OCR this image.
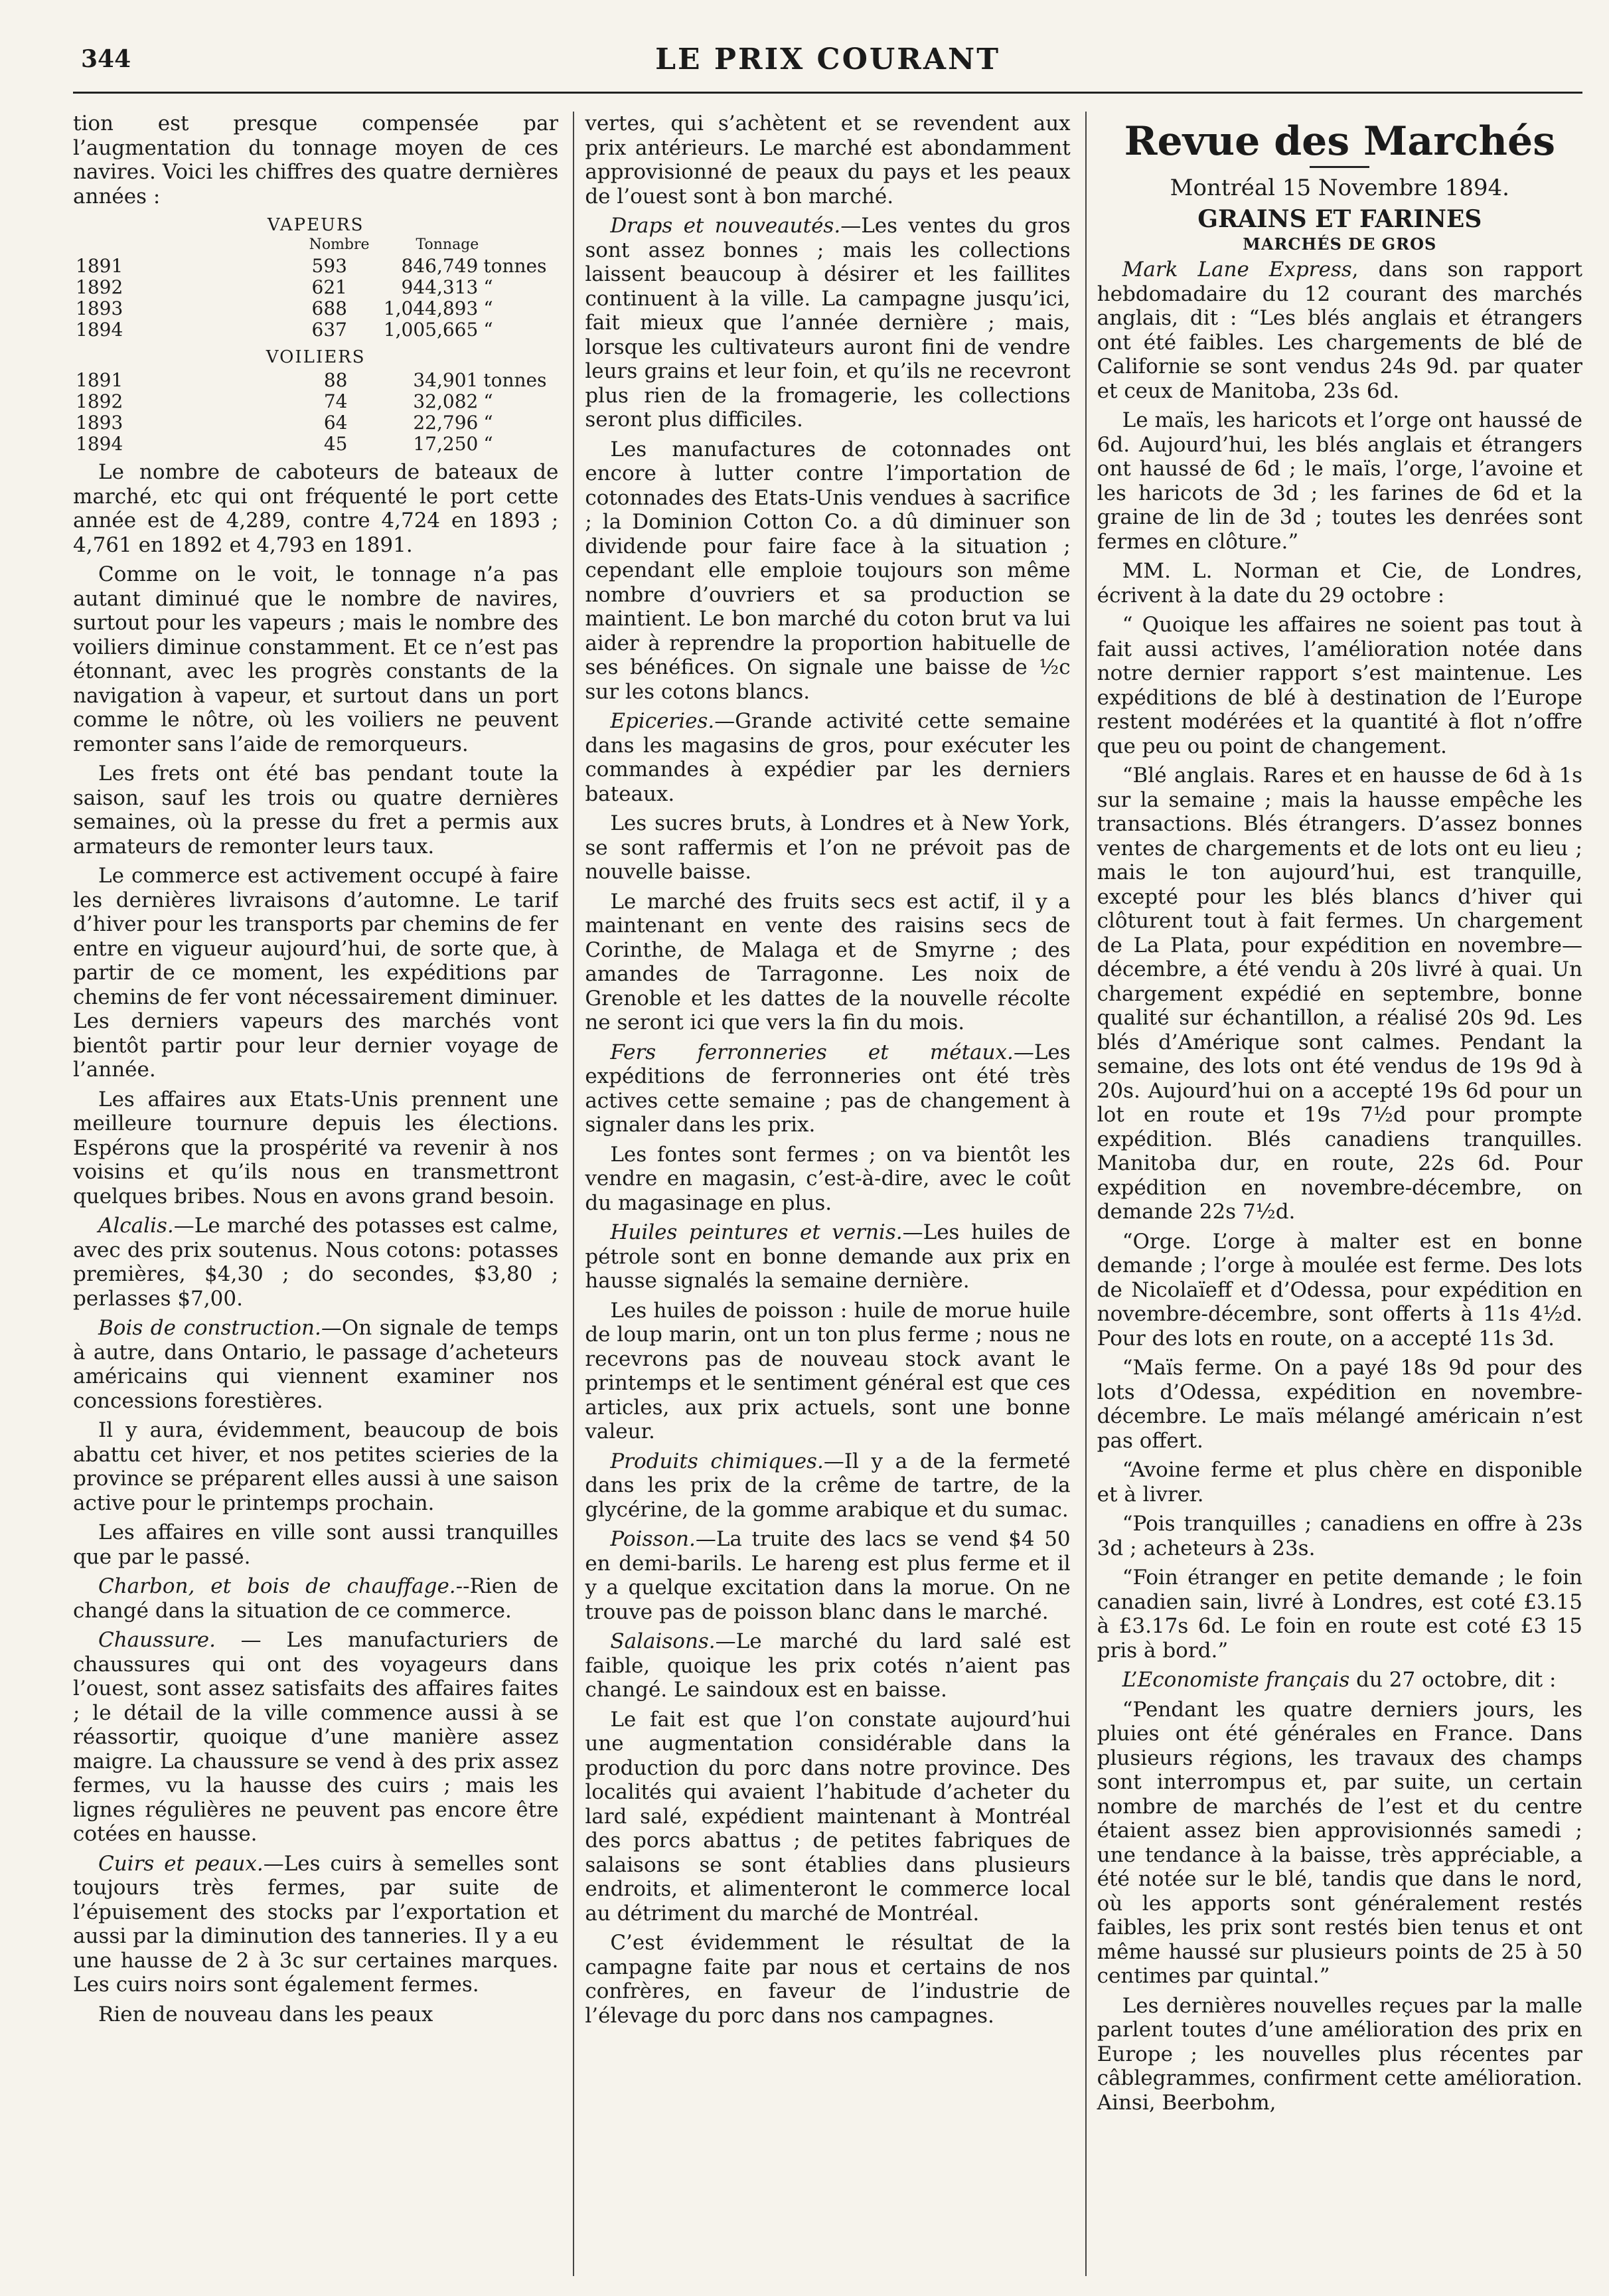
344	LE PRIX COURANT

tion est presque compensée par l’augmentation du tonnage moyen de ces navires. Voici les chiffres des quatre dernières années :

VAPEURS
Nombre	Tonnage
1891	593	846,749	tonnes
1892	621	944,313	“
1893	688	1,044,893	“
1894	637	1,005,665	“
VOILIERS
1891	88	34,901	tonnes
1892	74	32,082	“
1893	64	22,796	“
1894	45	17,250	“

Le nombre de caboteurs de bateaux de marché, etc qui ont fréquenté le port cette année est de 4,289, contre 4,724 en 1893 ; 4,761 en 1892 et 4,793 en 1891.

Comme on le voit, le tonnage n’a pas autant diminué que le nombre de navires, surtout pour les vapeurs ; mais le nombre des voiliers diminue constamment. Et ce n’est pas étonnant, avec les progrès constants de la navigation à vapeur, et surtout dans un port comme le nôtre, où les voiliers ne peuvent remonter sans l’aide de remorqueurs.

Les frets ont été bas pendant toute la saison, sauf les trois ou quatre dernières semaines, où la presse du fret a permis aux armateurs de remonter leurs taux.

Le commerce est activement occupé à faire les dernières livraisons d’automne. Le tarif d’hiver pour les transports par chemins de fer entre en vigueur aujourd’hui, de sorte que, à partir de ce moment, les expéditions par chemins de fer vont nécessairement diminuer. Les derniers vapeurs des marchés vont bientôt partir pour leur dernier voyage de l’année.

Les affaires aux Etats-Unis prennent une meilleure tournure depuis les élections. Espérons que la prospérité va revenir à nos voisins et qu’ils nous en transmettront quelques bribes. Nous en avons grand besoin.

Alcalis.—Le marché des potasses est calme, avec des prix soutenus. Nous cotons: potasses premières, $4,30 ; do secondes, $3,80 ; perlasses $7,00.

Bois de construction.—On signale de temps à autre, dans Ontario, le passage d’acheteurs américains qui viennent examiner nos concessions forestières.

Il y aura, évidemment, beaucoup de bois abattu cet hiver, et nos petites scieries de la province se préparent elles aussi à une saison active pour le printemps prochain.

Les affaires en ville sont aussi tranquilles que par le passé.

Charbon, et bois de chauffage.--Rien de changé dans la situation de ce commerce.

Chaussure. — Les manufacturiers de chaussures qui ont des voyageurs dans l’ouest, sont assez satisfaits des affaires faites ; le détail de la ville commence aussi à se réassortir, quoique d’une manière assez maigre. La chaussure se vend à des prix assez fermes, vu la hausse des cuirs ; mais les lignes régulières ne peuvent pas encore être cotées en hausse.

Cuirs et peaux.—Les cuirs à semelles sont toujours très fermes, par suite de l’épuisement des stocks par l’exportation et aussi par la diminution des tanneries. Il y a eu une hausse de 2 à 3c sur certaines marques. Les cuirs noirs sont également fermes.

Rien de nouveau dans les peaux

vertes, qui s’achètent et se revendent aux prix antérieurs. Le marché est abondamment approvisionné de peaux du pays et les peaux de l’ouest sont à bon marché.

Draps et nouveautés.—Les ventes du gros sont assez bonnes ; mais les collections laissent beaucoup à désirer et les faillites continuent à la ville. La campagne jusqu’ici, fait mieux que l’année dernière ; mais, lorsque les cultivateurs auront fini de vendre leurs grains et leur foin, et qu’ils ne recevront plus rien de la fromagerie, les collections seront plus difficiles.

Les manufactures de cotonnades ont encore à lutter contre l’importation de cotonnades des Etats-Unis vendues à sacrifice ; la Dominion Cotton Co. a dû diminuer son dividende pour faire face à la situation ; cependant elle emploie toujours son même nombre d’ouvriers et sa production se maintient. Le bon marché du coton brut va lui aider à reprendre la proportion habituelle de ses bénéfices. On signale une baisse de ½c sur les cotons blancs.

Epiceries.—Grande activité cette semaine dans les magasins de gros, pour exécuter les commandes à expédier par les derniers bateaux.

Les sucres bruts, à Londres et à New York, se sont raffermis et l’on ne prévoit pas de nouvelle baisse.

Le marché des fruits secs est actif, il y a maintenant en vente des raisins secs de Corinthe, de Malaga et de Smyrne ; des amandes de Tarragonne. Les noix de Grenoble et les dattes de la nouvelle récolte ne seront ici que vers la fin du mois.

Fers ferronneries et métaux.—Les expéditions de ferronneries ont été très actives cette semaine ; pas de changement à signaler dans les prix.

Les fontes sont fermes ; on va bientôt les vendre en magasin, c’est-à-dire, avec le coût du magasinage en plus.

Huiles peintures et vernis.—Les huiles de pétrole sont en bonne demande aux prix en hausse signalés la semaine dernière.

Les huiles de poisson : huile de morue huile de loup marin, ont un ton plus ferme ; nous ne recevrons pas de nouveau stock avant le printemps et le sentiment général est que ces articles, aux prix actuels, sont une bonne valeur.

Produits chimiques.—Il y a de la fermeté dans les prix de la crême de tartre, de la glycérine, de la gomme arabique et du sumac.

Poisson.—La truite des lacs se vend $4 50 en demi-barils. Le hareng est plus ferme et il y a quelque excitation dans la morue. On ne trouve pas de poisson blanc dans le marché.

Salaisons.—Le marché du lard salé est faible, quoique les prix cotés n’aient pas changé. Le saindoux est en baisse.

Le fait est que l’on constate aujourd’hui une augmentation considérable dans la production du porc dans notre province. Des localités qui avaient l’habitude d’acheter du lard salé, expédient maintenant à Montréal des porcs abattus ; de petites fabriques de salaisons se sont établies dans plusieurs endroits, et alimenteront le commerce local au détriment du marché de Montréal.

C’est évidemment le résultat de la campagne faite par nous et certains de nos confrères, en faveur de l’industrie de l’élevage du porc dans nos campagnes.

Revue des Marchés
Montréal 15 Novembre 1894.
GRAINS ET FARINES
MARCHÉS DE GROS

Mark Lane Express, dans son rapport hebdomadaire du 12 courant des marchés anglais, dit : “Les blés anglais et étrangers ont été faibles. Les chargements de blé de Californie se sont vendus 24s 9d. par quater et ceux de Manitoba, 23s 6d.

Le maïs, les haricots et l’orge ont haussé de 6d. Aujourd’hui, les blés anglais et étrangers ont haussé de 6d ; le maïs, l’orge, l’avoine et les haricots de 3d ; les farines de 6d et la graine de lin de 3d ; toutes les denrées sont fermes en clôture.”

MM. L. Norman et Cie, de Londres, écrivent à la date du 29 octobre :

“ Quoique les affaires ne soient pas tout à fait aussi actives, l’amélioration notée dans notre dernier rapport s’est maintenue. Les expéditions de blé à destination de l’Europe restent modérées et la quantité à flot n’offre que peu ou point de changement.

“Blé anglais. Rares et en hausse de 6d à 1s sur la semaine ; mais la hausse empêche les transactions. Blés étrangers. D’assez bonnes ventes de chargements et de lots ont eu lieu ; mais le ton aujourd’hui, est tranquille, excepté pour les blés blancs d’hiver qui clôturent tout à fait fermes. Un chargement de La Plata, pour expédition en novembre—décembre, a été vendu à 20s livré à quai. Un chargement expédié en septembre, bonne qualité sur échantillon, a réalisé 20s 9d. Les blés d’Amérique sont calmes. Pendant la semaine, des lots ont été vendus de 19s 9d à 20s. Aujourd’hui on a accepté 19s 6d pour un lot en route et 19s 7½d pour prompte expédition. Blés canadiens tranquilles. Manitoba dur, en route, 22s 6d. Pour expédition en novembre-décembre, on demande 22s 7½d.

“Orge. L’orge à malter est en bonne demande ; l’orge à moulée est ferme. Des lots de Nicolaïeff et d’Odessa, pour expédition en novembre-décembre, sont offerts à 11s 4½d. Pour des lots en route, on a accepté 11s 3d.

“Maïs ferme. On a payé 18s 9d pour des lots d’Odessa, expédition en novembre-décembre. Le maïs mélangé américain n’est pas offert.

“Avoine ferme et plus chère en disponible et à livrer.

“Pois tranquilles ; canadiens en offre à 23s 3d ; acheteurs à 23s.

“Foin étranger en petite demande ; le foin canadien sain, livré à Londres, est coté £3.15 à £3.17s 6d. Le foin en route est coté £3 15 pris à bord.”

L’Economiste français du 27 octobre, dit :

“Pendant les quatre derniers jours, les pluies ont été générales en France. Dans plusieurs régions, les travaux des champs sont interrompus et, par suite, un certain nombre de marchés de l’est et du centre étaient assez bien approvisionnés samedi ; une tendance à la baisse, très appréciable, a été notée sur le blé, tandis que dans le nord, où les apports sont généralement restés faibles, les prix sont restés bien tenus et ont même haussé sur plusieurs points de 25 à 50 centimes par quintal.”

Les dernières nouvelles reçues par la malle parlent toutes d’une amélioration des prix en Europe ; les nouvelles plus récentes par câblegrammes, confirment cette amélioration. Ainsi, Beerbohm,
